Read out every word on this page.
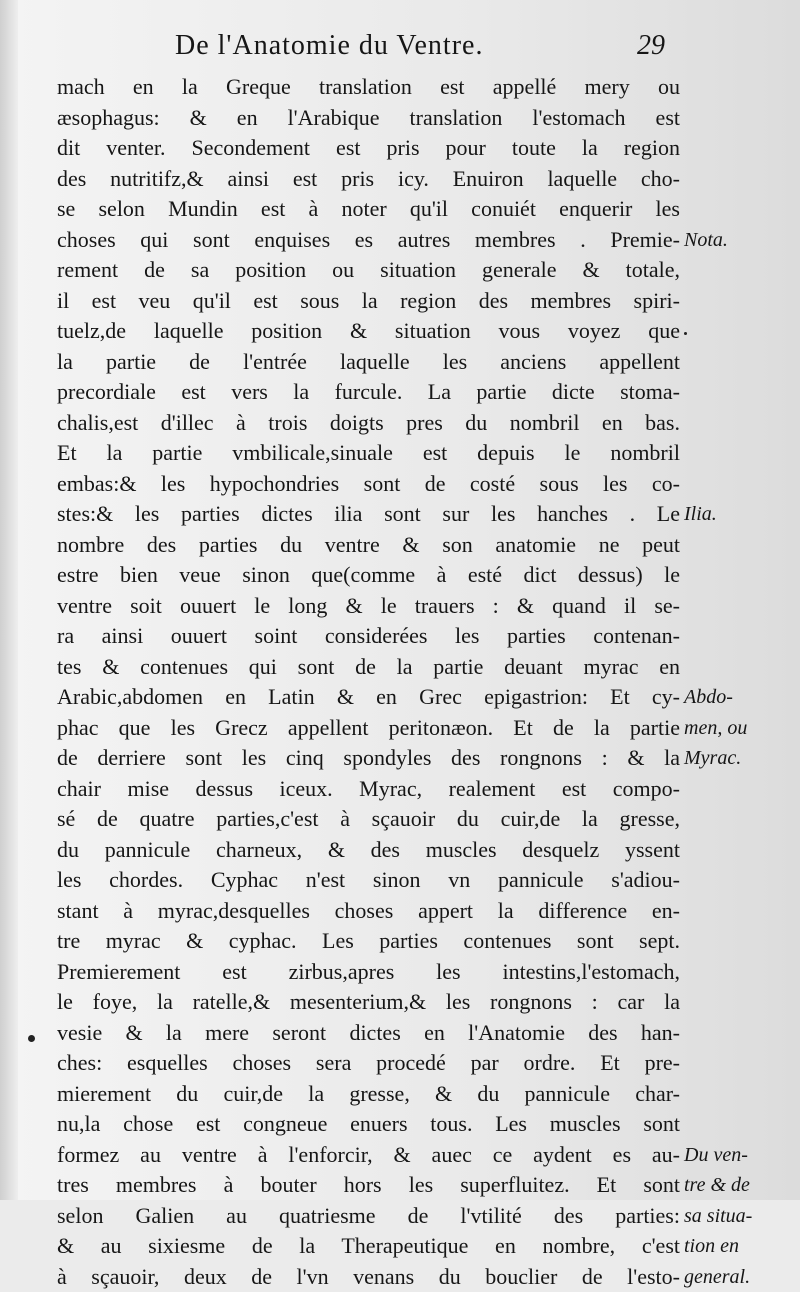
De l'Anatomie du Ventre.	29
mach en la Greque translation est appellé mery ou
æsophagus: & en l'Arabique translation l'estomach est
dit venter. Secondement est pris pour toute la region
des nutritifz,& ainsi est pris icy. Enuiron laquelle cho-
se selon Mundin est à noter qu'il conuiét enquerir les
choses qui sont enquises es autres membres . Premie-
rement de sa position ou situation generale & totale,
il est veu qu'il est sous la region des membres spiri-
tuelz,de laquelle position & situation vous voyez que
la partie de l'entrée laquelle les anciens appellent
precordiale est vers la furcule. La partie dicte stoma-
chalis,est d'illec à trois doigts pres du nombril en bas.
Et la partie vmbilicale,sinuale est depuis le nombril
embas:& les hypochondries sont de costé sous les co-
stes:& les parties dictes ilia sont sur les hanches . Le
nombre des parties du ventre & son anatomie ne peut
estre bien veue sinon que(comme à esté dict dessus) le
ventre soit ouuert le long & le trauers : & quand il se-
ra ainsi ouuert soint considerées les parties contenan-
tes & contenues qui sont de la partie deuant myrac en
Arabic,abdomen en Latin & en Grec epigastrion: Et cy-
phac que les Grecz appellent peritonæon. Et de la partie
de derriere sont les cinq spondyles des rongnons : & la
chair mise dessus iceux. Myrac, realement est compo-
sé de quatre parties,c'est à sçauoir du cuir,de la gresse,
du pannicule charneux, & des muscles desquelz yssent
les chordes. Cyphac n'est sinon vn pannicule s'adiou-
stant à myrac,desquelles choses appert la difference en-
tre myrac & cyphac. Les parties contenues sont sept.
Premierement est zirbus,apres les intestins,l'estomach,
le foye, la ratelle,& mesenterium,& les rongnons : car la
vesie & la mere seront dictes en l'Anatomie des han-
ches: esquelles choses sera procedé par ordre. Et pre-
mierement du cuir,de la gresse, & du pannicule char-
nu,la chose est congneue enuers tous. Les muscles sont
formez au ventre à l'enforcir, & auec ce aydent es au-
tres membres à bouter hors les superfluitez. Et sont
selon Galien au quatriesme de l'vtilité des parties:
& au sixiesme de la Therapeutique en nombre, c'est
à sçauoir, deux de l'vn venans du bouclier de l'esto-
Nota.
Ilia.
Abdo-
men, ou
Myrac.
Du ven-
tre & de
sa situa-
tion en
general.
